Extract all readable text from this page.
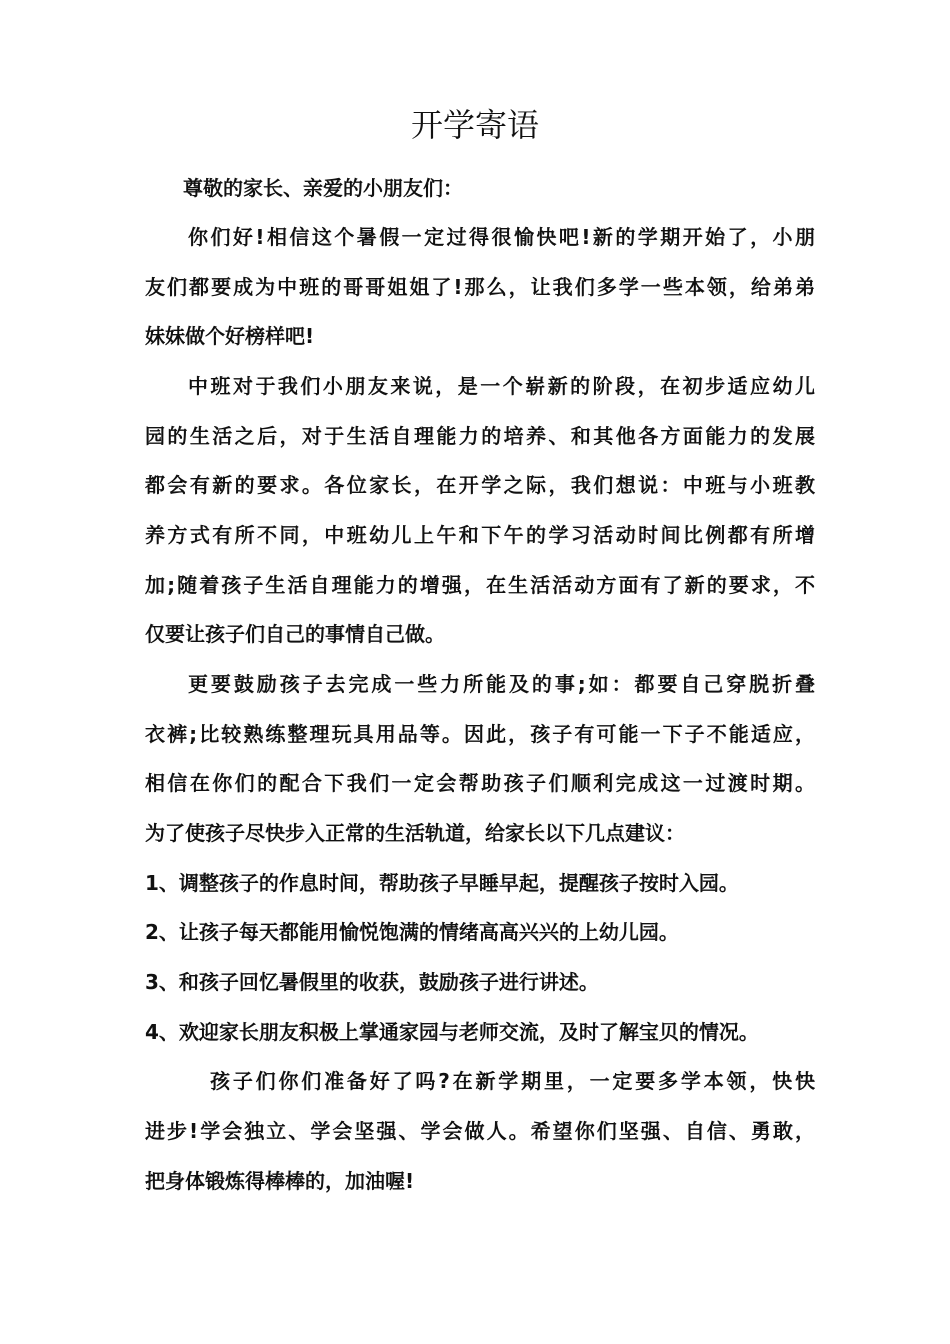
开学寄语
尊敬的家长、亲爱的小朋友们：
你们好!相信这个暑假一定过得很愉快吧!新的学期开始了，小朋
友们都要成为中班的哥哥姐姐了!那么，让我们多学一些本领，给弟弟
妹妹做个好榜样吧!
中班对于我们小朋友来说，是一个崭新的阶段，在初步适应幼儿
园的生活之后，对于生活自理能力的培养、和其他各方面能力的发展
都会有新的要求。各位家长，在开学之际，我们想说：中班与小班教
养方式有所不同，中班幼儿上午和下午的学习活动时间比例都有所增
加;随着孩子生活自理能力的增强，在生活活动方面有了新的要求，不
仅要让孩子们自己的事情自己做。
更要鼓励孩子去完成一些力所能及的事;如：都要自己穿脱折叠
衣裤;比较熟练整理玩具用品等。因此，孩子有可能一下子不能适应，
相信在你们的配合下我们一定会帮助孩子们顺利完成这一过渡时期。
为了使孩子尽快步入正常的生活轨道，给家长以下几点建议：
1、调整孩子的作息时间，帮助孩子早睡早起，提醒孩子按时入园。
2、让孩子每天都能用愉悦饱满的情绪高高兴兴的上幼儿园。
3、和孩子回忆暑假里的收获，鼓励孩子进行讲述。
4、欢迎家长朋友积极上掌通家园与老师交流，及时了解宝贝的情况。
孩子们你们准备好了吗?在新学期里，一定要多学本领，快快
进步!学会独立、学会坚强、学会做人。希望你们坚强、自信、勇敢，
把身体锻炼得棒棒的，加油喔!
